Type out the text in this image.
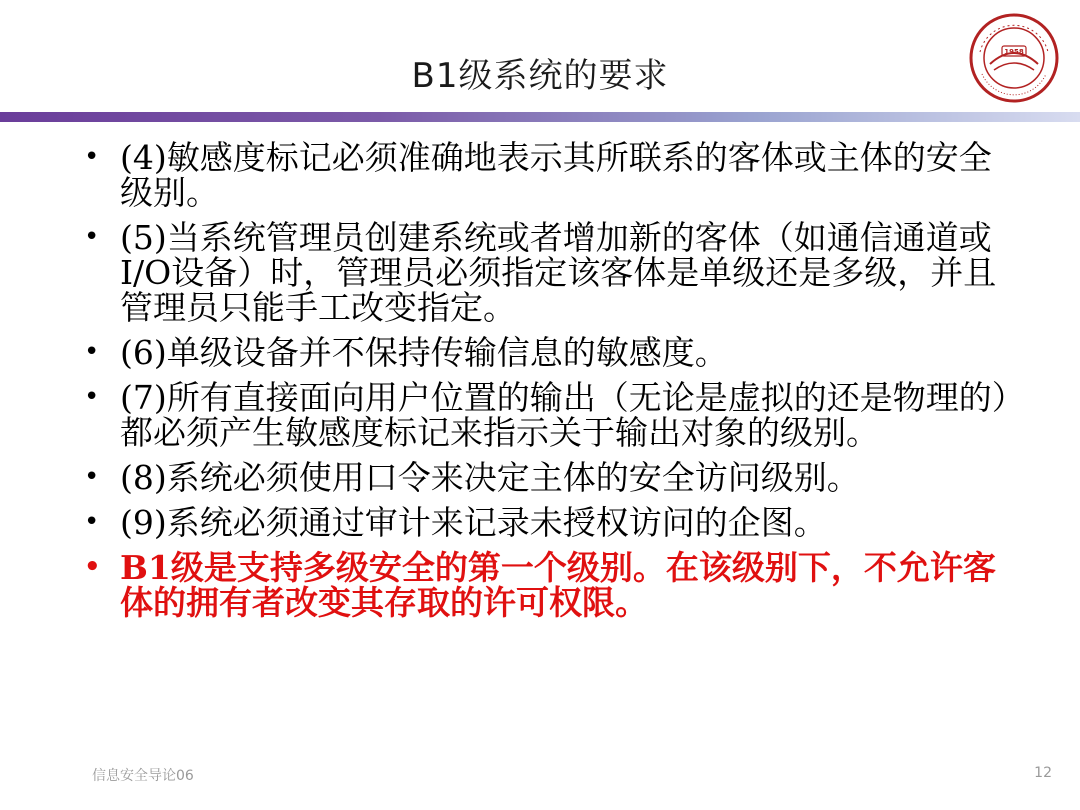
B1级系统的要求
1958
• (4)敏感度标记必须准确地表示其所联系的客体或主体的安全级别。
• (5)当系统管理员创建系统或者增加新的客体（如通信通道或I/O设备）时，管理员必须指定该客体是单级还是多级，并且管理员只能手工改变指定。
• (6)单级设备并不保持传输信息的敏感度。
• (7)所有直接面向用户位置的输出（无论是虚拟的还是物理的）都必须产生敏感度标记来指示关于输出对象的级别。
• (8)系统必须使用口令来决定主体的安全访问级别。
• (9)系统必须通过审计来记录未授权访问的企图。
• B1级是支持多级安全的第一个级别。在该级别下，不允许客体的拥有者改变其存取的许可权限。
信息安全导论06	12
